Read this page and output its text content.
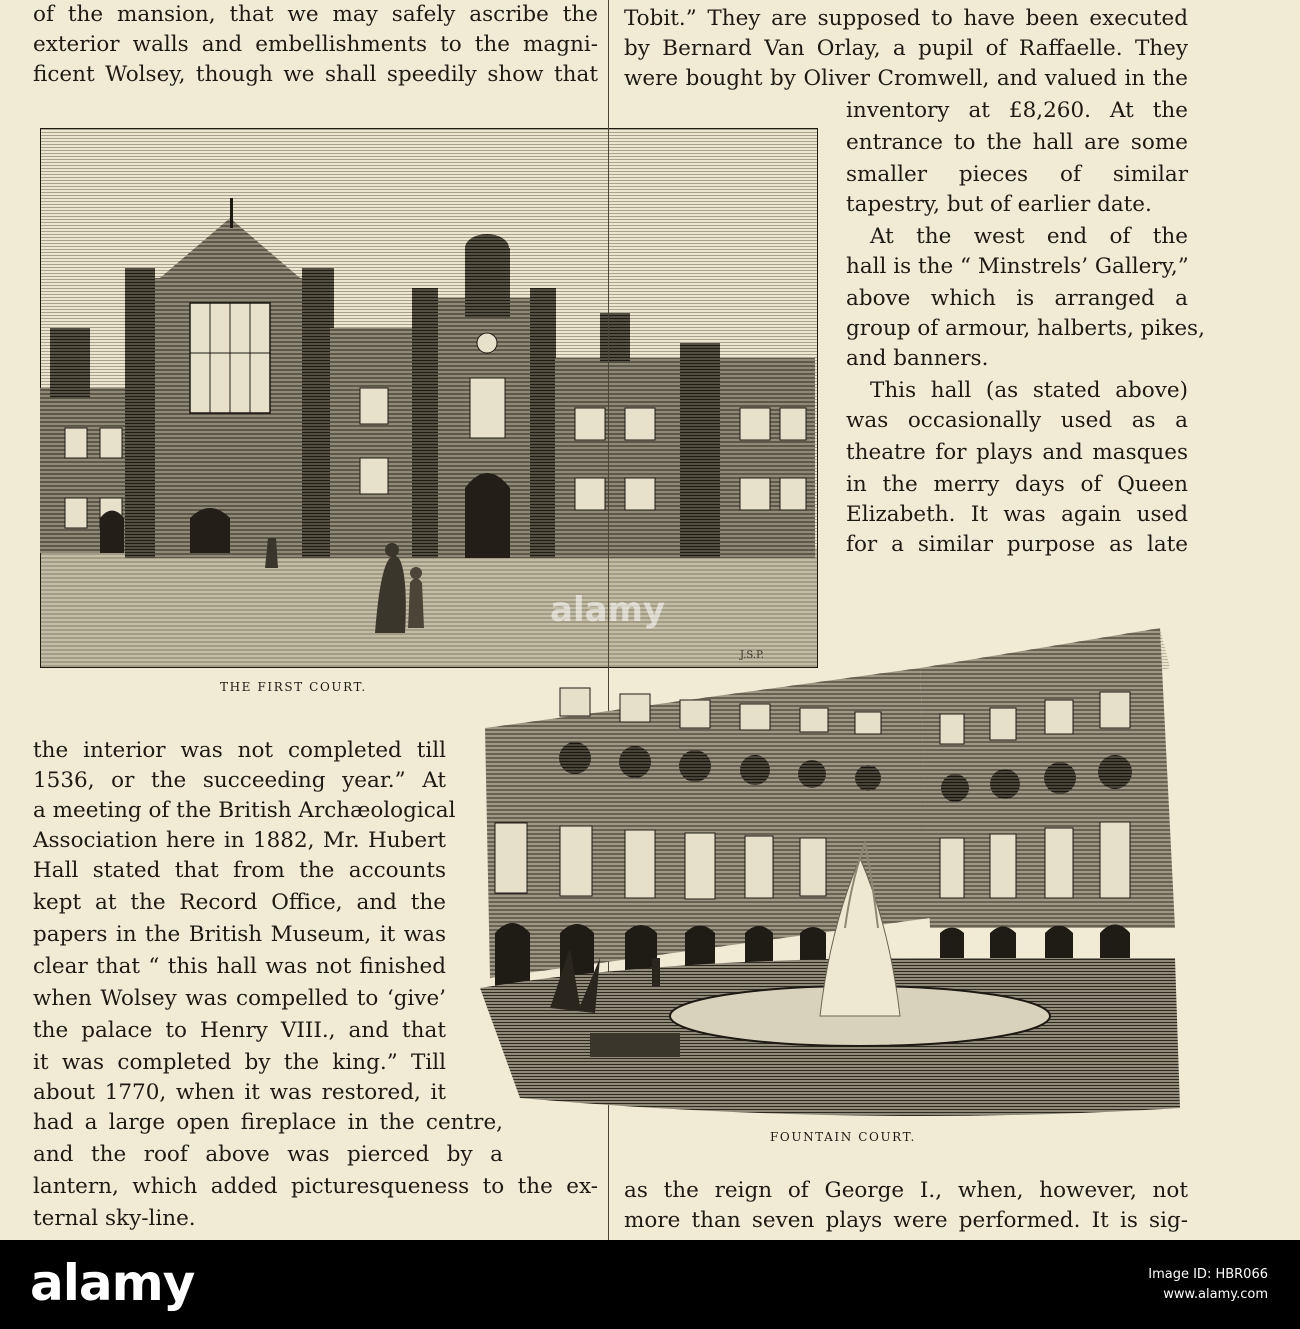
of the mansion, that we may safely ascribe the

exterior walls and embellishments to the magni-

ficent Wolsey, though we shall speedily show that

J.S.P.
THE FIRST COURT.

the interior was not completed till

1536, or the succeeding year.” At

a meeting of the British Archæological

Association here in 1882, Mr. Hubert

Hall stated that from the accounts

kept at the Record Office, and the

papers in the British Museum, it was

clear that “ this hall was not finished

when Wolsey was compelled to ‘give’

the palace to Henry VIII., and that

it was completed by the king.” Till

about 1770, when it was restored, it

had a large open fireplace in the centre,

and the roof above was pierced by a

lantern, which added picturesqueness to the ex-

ternal sky-line.

Tobit.” They are supposed to have been executed

by Bernard Van Orlay, a pupil of Raffaelle. They

were bought by Oliver Cromwell, and valued in the

inventory at £8,260. At the

entrance to the hall are some

smaller pieces of similar

tapestry, but of earlier date.

At the west end of the

hall is the “ Minstrels’ Gallery,”

above which is arranged a

group of armour, halberts, pikes,

and banners.

This hall (as stated above)

was occasionally used as a

theatre for plays and masques

in the merry days of Queen

Elizabeth. It was again used

for a similar purpose as late

FOUNTAIN COURT.

as the reign of George I., when, however, not

more than seven plays were performed. It is sig-

alamy
alamy	Image ID: HBR066
www.alamy.com
